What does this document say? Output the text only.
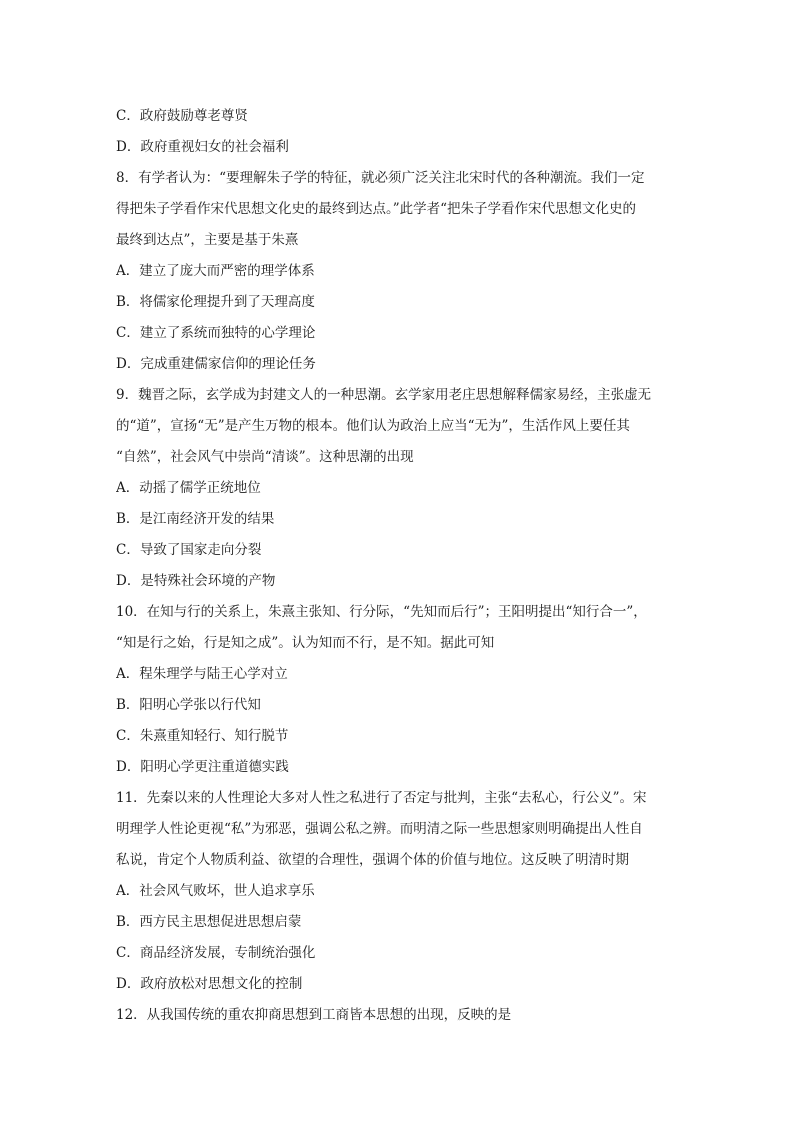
C．政府鼓励尊老尊贤
D．政府重视妇女的社会福利
8．有学者认为：“要理解朱子学的特征，就必须广泛关注北宋时代的各种潮流。我们一定
得把朱子学看作宋代思想文化史的最终到达点。”此学者“把朱子学看作宋代思想文化史的
最终到达点”，主要是基于朱熹
A．建立了庞大而严密的理学体系
B．将儒家伦理提升到了天理高度
C．建立了系统而独特的心学理论
D．完成重建儒家信仰的理论任务
9．魏晋之际，玄学成为封建文人的一种思潮。玄学家用老庄思想解释儒家易经，主张虚无
的“道”，宣扬“无”是产生万物的根本。他们认为政治上应当“无为”，生活作风上要任其
“自然”，社会风气中崇尚“清谈”。这种思潮的出现
A．动摇了儒学正统地位
B．是江南经济开发的结果
C．导致了国家走向分裂
D．是特殊社会环境的产物
10．在知与行的关系上，朱熹主张知、行分际，“先知而后行”；王阳明提出“知行合一”，
“知是行之始，行是知之成”。认为知而不行，是不知。据此可知
A．程朱理学与陆王心学对立
B．阳明心学张以行代知
C．朱熹重知轻行、知行脱节
D．阳明心学更注重道德实践
11．先秦以来的人性理论大多对人性之私进行了否定与批判，主张“去私心，行公义”。宋
明理学人性论更视“私”为邪恶，强调公私之辨。而明清之际一些思想家则明确提出人性自
私说，肯定个人物质利益、欲望的合理性，强调个体的价值与地位。这反映了明清时期
A．社会风气败坏，世人追求享乐
B．西方民主思想促进思想启蒙
C．商品经济发展，专制统治强化
D．政府放松对思想文化的控制
12．从我国传统的重农抑商思想到工商皆本思想的出现，反映的是
